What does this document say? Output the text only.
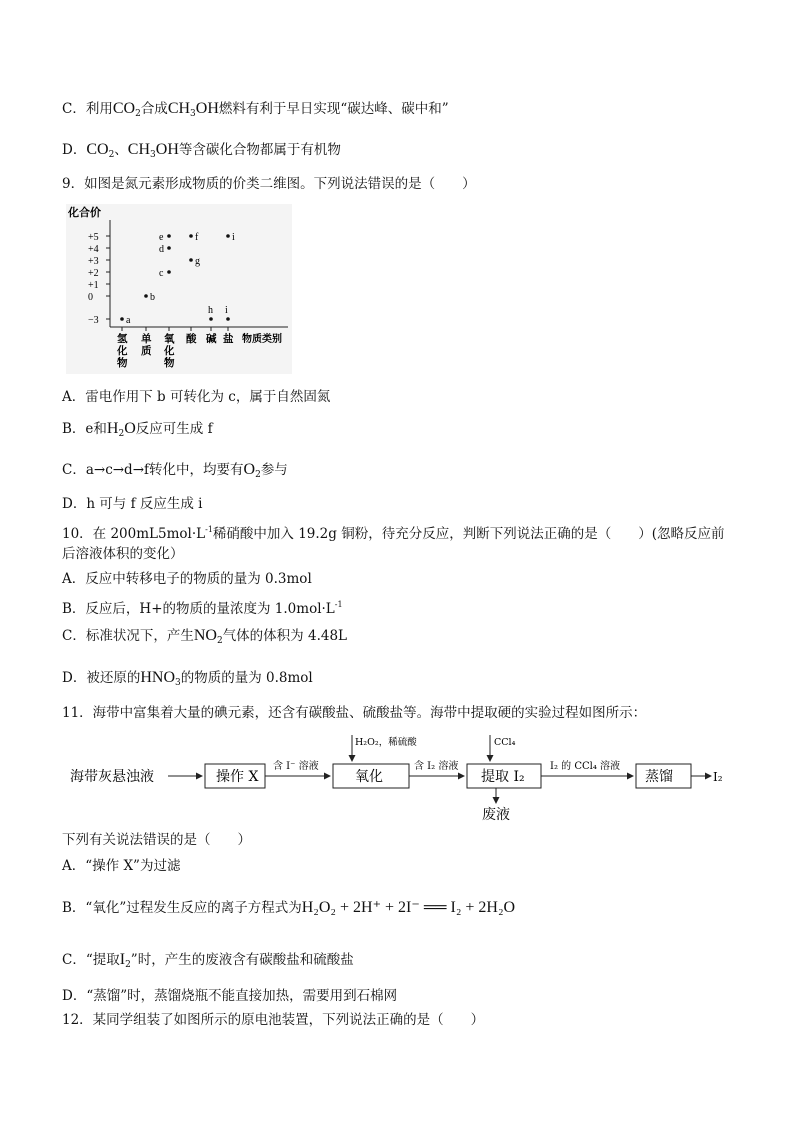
C．利用$CO_2$合成$CH_3OH$燃料有利于早日实现“碳达峰、碳中和”
D．$CO_2$、$CH_3OH$等含碳化合物都属于有机物
9．如图是氮元素形成物质的价类二维图。下列说法错误的是（　　）
化合价
+5
+4
+3
+2
+1
0
−3
氢化物
单质
氧化物
酸 碱 盐
a
b
c
d
e	f
g
h i
i
物质类别
A．雷电作用下 b 可转化为 c，属于自然固氮
B．e和$H_2O$反应可生成 f
C．a→c→d→f转化中，均要有$O_2$参与
D．h 可与 f 反应生成 i
10．在 $200mL5mol\cdot L^{-1}$稀硝酸中加入 19.2g 铜粉，待充分反应，判断下列说法正确的是（　　）(忽略反应前
后溶液体积的变化）
A．反应中转移电子的物质的量为 0.3mol
B．反应后，H+的物质的量浓度为 $1.0mol\cdot L^{-1}$
C．标准状况下，产生$NO_2$气体的体积为 4.48L
D．被还原的$HNO_3$的物质的量为 0.8mol
11．海带中富集着大量的碘元素，还含有碳酸盐、硫酸盐等。海带中提取硬的实验过程如图所示：
海带灰悬浊液	操作 X
含 I⁻ 溶液
H₂O₂，稀硫酸
氧化
含 I₂ 溶液
CCl₄
提取 I₂
废液
I₂ 的 CCl₄ 溶液
蒸馏	I₂
下列有关说法错误的是（　　）
A．“操作 X”为过滤
B．“氧化”过程发生反应的离子方程式为H₂O₂ + 2H⁺ + 2I⁻ ══ I₂ + 2H₂O
C．“提取$I_2$”时，产生的废液含有碳酸盐和硫酸盐
D．“蒸馏”时，蒸馏烧瓶不能直接加热，需要用到石棉网
12．某同学组装了如图所示的原电池装置，下列说法正确的是（　　）
